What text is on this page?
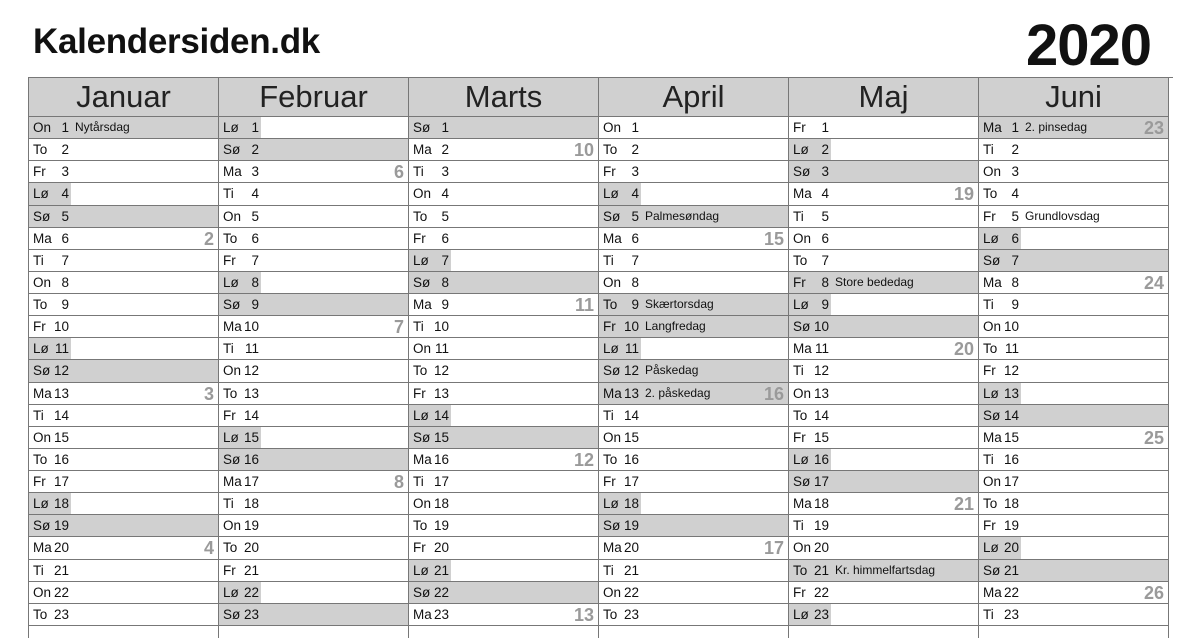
Kalendersiden.dk	2020
Januar
On 1 Nytårsdag
To	2
Fr	3
Lø 4
Sø 5
Ma 6	2
Ti	7
On 8
To	9
Fr 10
Lø 11
Sø 12
Ma 13	3
Ti 14
On 15
To 16
Fr 17
Lø 18
Sø 19
Ma 20	4
Ti 21
On 22
To 23
Februar
Lø 1
Sø 2
Ma 3	6
Ti	4
On 5
To	6
Fr	7
Lø 8
Sø 9
Ma 10	7
Ti 11
On 12
To 13
Fr 14
Lø 15
Sø 16
Ma 17	8
Ti 18
On 19
To 20
Fr 21
Lø 22
Sø 23
Marts
Sø 1
Ma 2	10
Ti	3
On 4
To	5
Fr	6
Lø 7
Sø 8
Ma 9	11
Ti 10
On 11
To 12
Fr 13
Lø 14
Sø 15
Ma 16	12
Ti 17
On 18
To 19
Fr 20
Lø 21
Sø 22
Ma 23	13
April
On 1
To	2
Fr	3
Lø 4
Sø 5 Palmesøndag
Ma 6	15
Ti	7
On 8
To	9 Skærtorsdag
Fr 10 Langfredag
Lø 11
Sø 12 Påskedag
Ma 13 2. påskedag	16
Ti 14
On 15
To 16
Fr 17
Lø 18
Sø 19
Ma 20	17
Ti 21
On 22
To 23
Maj
Fr	1
Lø 2
Sø 3
Ma 4	19
Ti	5
On 6
To	7
Fr	8 Store bededag
Lø 9
Sø 10
Ma 11	20
Ti 12
On 13
To 14
Fr 15
Lø 16
Sø 17
Ma 18	21
Ti 19
On 20
To 21 Kr. himmelfartsdag
Fr 22
Lø 23
Juni
Ma 1 2. pinsedag	23
Ti	2
On 3
To	4
Fr	5 Grundlovsdag
Lø 6
Sø 7
Ma 8	24
Ti	9
On 10
To 11
Fr 12
Lø 13
Sø 14
Ma 15	25
Ti 16
On 17
To 18
Fr 19
Lø 20
Sø 21
Ma 22	26
Ti 23
